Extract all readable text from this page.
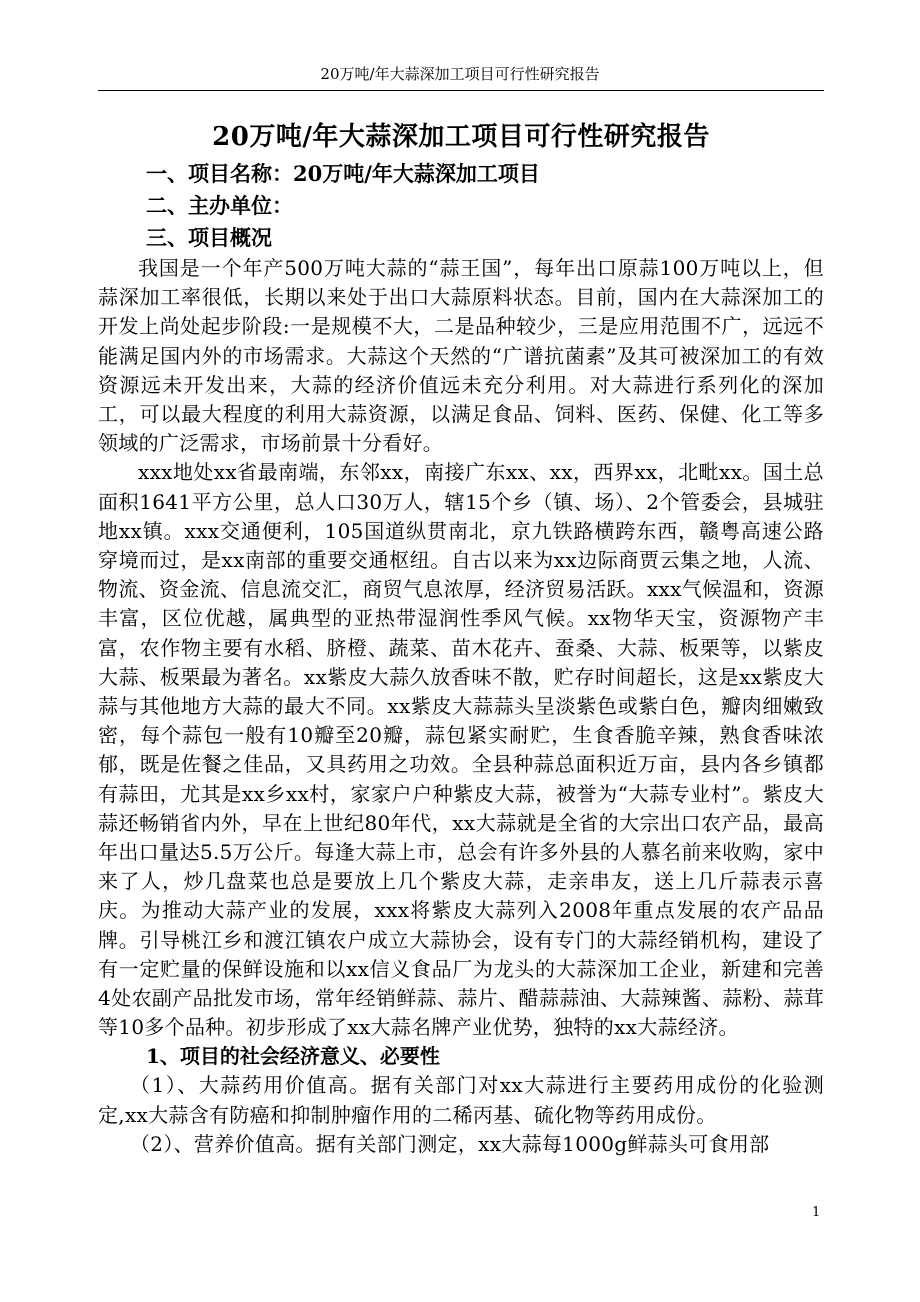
20万吨/年大蒜深加工项目可行性研究报告
20万吨/年大蒜深加工项目可行性研究报告

一、项目名称：20万吨/年大蒜深加工项目

二、主办单位：

三、项目概况

我国是一个年产500万吨大蒜的“蒜王国”，每年出口原蒜100万吨以上，但蒜深加工率很低，长期以来处于出口大蒜原料状态。目前，国内在大蒜深加工的开发上尚处起步阶段:一是规模不大，二是品种较少，三是应用范围不广，远远不能满足国内外的市场需求。大蒜这个天然的“广谱抗菌素”及其可被深加工的有效资源远未开发出来，大蒜的经济价值远未充分利用。对大蒜进行系列化的深加工，可以最大程度的利用大蒜资源，以满足食品、饲料、医药、保健、化工等多领域的广泛需求，市场前景十分看好。

xxx地处xx省最南端，东邻xx，南接广东xx、xx，西界xx，北毗xx。国土总面积1641平方公里，总人口30万人，辖15个乡（镇、场）、2个管委会，县城驻地xx镇。xxx交通便利，105国道纵贯南北，京九铁路横跨东西，赣粤高速公路穿境而过，是xx南部的重要交通枢纽。自古以来为xx边际商贾云集之地，人流、物流、资金流、信息流交汇，商贸气息浓厚，经济贸易活跃。xxx气候温和，资源丰富，区位优越，属典型的亚热带湿润性季风气候。xx物华天宝，资源物产丰富，农作物主要有水稻、脐橙、蔬菜、苗木花卉、蚕桑、大蒜、板栗等，以紫皮大蒜、板栗最为著名。xx紫皮大蒜久放香味不散，贮存时间超长，这是xx紫皮大蒜与其他地方大蒜的最大不同。xx紫皮大蒜蒜头呈淡紫色或紫白色，瓣肉细嫩致密，每个蒜包一般有10瓣至20瓣，蒜包紧实耐贮，生食香脆辛辣，熟食香味浓郁，既是佐餐之佳品，又具药用之功效。全县种蒜总面积近万亩，县内各乡镇都有蒜田，尤其是xx乡xx村，家家户户种紫皮大蒜，被誉为“大蒜专业村”。紫皮大蒜还畅销省内外，早在上世纪80年代，xx大蒜就是全省的大宗出口农产品，最高年出口量达5.5万公斤。每逢大蒜上市，总会有许多外县的人慕名前来收购，家中来了人，炒几盘菜也总是要放上几个紫皮大蒜，走亲串友，送上几斤蒜表示喜庆。为推动大蒜产业的发展，xxx将紫皮大蒜列入2008年重点发展的农产品品牌。引导桃江乡和渡江镇农户成立大蒜协会，设有专门的大蒜经销机构，建设了有一定贮量的保鲜设施和以xx信义食品厂为龙头的大蒜深加工企业，新建和完善4处农副产品批发市场，常年经销鲜蒜、蒜片、醋蒜蒜油、大蒜辣酱、蒜粉、蒜茸等10多个品种。初步形成了xx大蒜名牌产业优势，独特的xx大蒜经济。

1、项目的社会经济意义、必要性

（1）、大蒜药用价值高。据有关部门对xx大蒜进行主要药用成份的化验测定,xx大蒜含有防癌和抑制肿瘤作用的二稀丙基、硫化物等药用成份。

（2）、营养价值高。据有关部门测定，xx大蒜每1000g鲜蒜头可食用部

1
